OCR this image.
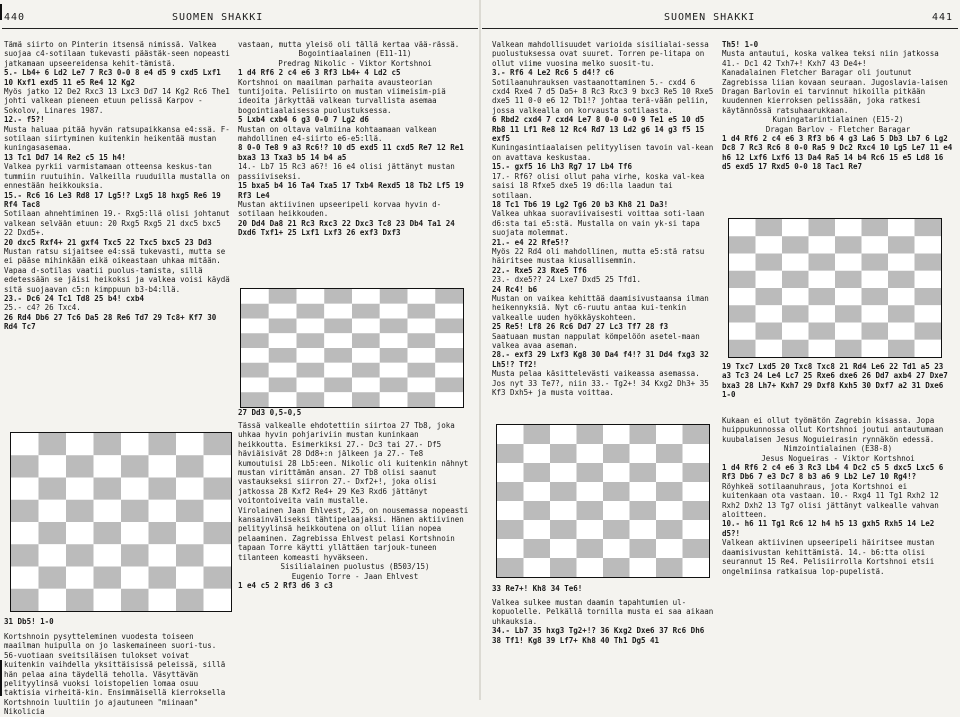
440	SUOMEN SHAKKI

Tämä siirto on Pinterin itsensä nimissä. Valkea suojaa c4-sotilaan tukevasti päästäk-seen nopeasti jatkamaan upseereidensa kehit-tämistä.

5.- Lb4+ 6 Ld2 Le7 7 Rc3 0-0 8 e4 d5 9 cxd5 Lxf1 10 Kxf1 exd5 11 e5 Re4 12 Kg2

Myös jatko 12 De2 Rxc3 13 Lxc3 Dd7 14 Kg2 Rc6 The1 johti valkean pieneen etuun pelissä Karpov - Sokolov, Linares 1987.

12.- f5?!

Musta haluaa pitää hyvän ratsupaikkansa e4:ssä. F-sotilaan siirtyminen kuitenkin heikentää mustan kuningasasemaa.

13 Tc1 Dd7 14 Re2 c5 15 h4!

Valkea pyrkii varmistamaan otteensa keskus-tan tummiin ruutuihin. Valkeilla ruuduilla mustalla on ennestään heikkouksia.

15.- Rc6 16 Le3 Rd8 17 Lg5!? Lxg5 18 hxg5 Re6 19 Rf4 Tac8

Sotilaan ahnehtiminen 19.- Rxg5:llä olisi johtanut valkean selvään etuun: 20 Rxg5 Rxg5 21 dxc5 bxc5 22 Dxd5+.

20 dxc5 Rxf4+ 21 gxf4 Txc5 22 Txc5 bxc5 23 Dd3

Mustan ratsu sijaitsee e4:ssä tukevasti, mutta se ei pääse mihinkään eikä oikeastaan uhkaa mitään. Vapaa d-sotilas vaatii puolus-tamista, sillä edetessään se jäisi heikoksi ja valkea voisi käydä sitä suojaavan c5:n kimppuun b3-b4:llä.

23.- Dc6 24 Tc1 Td8 25 b4! cxb4

25.- c4? 26 Txc4.

26 Rd4 Db6 27 Tc6 Da5 28 Re6 Td7 29 Tc8+ Kf7 30 Rd4 Tc7

31 Db5! 1-0

Kortshnoin pysytteleminen vuodesta toiseen maailman huipulla on jo laskemaineen suori-tus. 56-vuotiaan sveitsiläisen tulokset voivat kuitenkin vaihdella yksittäisissä peleissä, sillä hän pelaa aina täydellä teholla. Väsyttävän pelityylinsä vuoksi loistopelien lomaa osuu taktisia virheitä-kin. Ensimmäisellä kierroksella Kortshnoin luultiin jo ajautuneen "miinaan" Nikolicia

vastaan, mutta yleisö oli tällä kertaa vää-rässä.

Bogointiaalainen (E11-11)

Predrag Nikolic - Viktor Kortshnoi

1 d4 Rf6 2 c4 e6 3 Rf3 Lb4+ 4 Ld2 c5

Kortshnoi on maailman parhaita avausteorian tuntijoita. Pelisiirto on mustan viimeisim-piä ideoita järkyttää valkean turvallista asemaa bogointiaalaisessa puolustuksessa.

5 Lxb4 cxb4 6 g3 0-0 7 Lg2 d6

Mustan on oltava valmiina kohtaamaan valkean mahdollinen e4-siirto e6-e5:llä.

8 0-0 Te8 9 a3 Rc6!? 10 d5 exd5 11 cxd5 Re7 12 Re1 bxa3 13 Txa3 b5 14 b4 a5

14.- Lb7 15 Rc3 a6?! 16 e4 olisi jättänyt mustan passiiviseksi.

15 bxa5 b4 16 Ta4 Txa5 17 Txb4 Rexd5 18 Tb2 Lf5 19 Rf3 Le4

Mustan aktiivinen upseeripeli korvaa hyvin d-sotilaan heikkouden.

20 Dd4 Da8 21 Rc3 Rxc3 22 Dxc3 Tc8 23 Db4 Ta1 24 Dxd6 Txf1+ 25 Lxf1 Lxf3 26 exf3 Dxf3

27 Dd3 0,5-0,5

Tässä valkealle ehdotettiin siirtoa 27 Tb8, joka uhkaa hyvin pohjariviin mustan kuninkaan heikkoutta. Esimerkiksi 27.- Dc3 tai 27.- Df5 häviäisivät 28 Dd8+:n jälkeen ja 27.- Te8 kumoutuisi 28 Lb5:een. Nikolic oli kuitenkin nähnyt mustan virittämän ansan. 27 Tb8 olisi saanut vastaukseksi siirron 27.- Dxf2+!, joka olisi jatkossa 28 Kxf2 Re4+ 29 Ke3 Rxd6 jättänyt voitontoiveita vain mustalle.

Virolainen Jaan Ehlvest, 25, on nousemassa nopeasti kansainväliseksi tähtipelaajaksi. Hänen aktiivinen pelityylinsä heikkoutena on ollut liian nopea pelaaminen. Zagrebissa Ehlvest pelasi Kortshnoin tapaan Torre käytti yllättäen tarjouk-tuneen tilanteen komeasti hyväkseen.

Sisilialainen puolustus (B503/15)

Eugenio Torre - Jaan Ehlvest

1 e4 c5 2 Rf3 d6 3 c3

SUOMEN SHAKKI	441

Valkean mahdollisuudet varioida sisilialai-sessa puolustuksessa ovat suuret. Torren pe-litapa on ollut viime vuosina melko suosit-tu.

3.- Rf6 4 Le2 Rc6 5 d4!? c6

Sotilaanuhrauksen vastaanottaminen 5.- cxd4 6 cxd4 Rxe4 7 d5 Da5+ 8 Rc3 Rxc3 9 bxc3 Re5 10 Rxe5 dxe5 11 0-0 e6 12 Tb1!? johtaa terä-vään peliin, jossa valkealla on korvausta sotilaasta.

6 Rbd2 cxd4 7 cxd4 Le7 8 0-0 0-0 9 Te1 e5 10 d5 Rb8 11 Lf1 Re8 12 Rc4 Rd7 13 Ld2 g6 14 g3 f5 15 exf5

Kuningasintiaalaisen pelityylisen tavoin val-kean on avattava keskustaa.

15.- gxf5 16 Lh3 Rg7 17 Lb4 Tf6

17.- Rf6? olisi ollut paha virhe, koska val-kea saisi 18 Rfxe5 dxe5 19 d6:lla laadun tai sotilaan.

18 Tc1 Tb6 19 Lg2 Tg6 20 b3 Kh8 21 Da3!

Valkea uhkaa suoraviivaisesti voittaa soti-laan d6:sta tai e5:stä. Mustalla on vain yk-si tapa suojata molemmat.

21.- e4 22 Rfe5!?

Myös 22 Rd4 oli mahdollinen, mutta e5:stä ratsu häiritsee mustaa kiusallisemmin.

22.- Rxe5 23 Rxe5 Tf6

23.- dxe5?? 24 Lxe7 Dxd5 25 Tfd1.

24 Rc4! b6

Mustan on vaikea kehittää daamisivustaansa ilman heikennyksiä. Nyt c6-ruutu antaa kui-tenkin valkealle uuden hyökkäyskohteen.

25 Re5! Lf8 26 Rc6 Dd7 27 Lc3 Tf7 28 f3

Saatuaan mustan nappulat kömpelöön asetel-maan valkea avaa aseman.

28.- exf3 29 Lxf3 Kg8 30 Da4 f4!? 31 Dd4 fxg3 32 Lh5!? Tf2!

Musta pelaa käsittelevästi vaikeassa asemassa. Jos nyt 33 Te7?, niin 33.- Tg2+! 34 Kxg2 Dh3+ 35 Kf3 Dxh5+ ja musta voittaa.

33 Re7+! Kh8 34 Te6!

Valkea sulkee mustan daamin tapahtumien ul-kopuolelle. Pelkällä tornilla musta ei saa aikaan uhkauksia.

34.- Lb7 35 hxg3 Tg2+!? 36 Kxg2 Dxe6 37 Rc6 Dh6 38 Tf1! Kg8 39 Lf7+ Kh8 40 Th1 Dg5 41

Th5! 1-0

Musta antautui, koska valkea teksi niin jatkossa 41.- Dc1 42 Txh7+! Kxh7 43 De4+!

Kanadalainen Fletcher Baragar oli joutunut Zagrebissa liian kovaan seuraan. Jugoslavia-laisen Dragan Barlovin ei tarvinnut hikoilla pitkään kuudennen kierroksen pelissään, joka ratkesi käytännössä ratsuhaarukkaan.

Kuningatarintialainen (E15-2)

Dragan Barlov - Fletcher Baragar

1 d4 Rf6 2 c4 e6 3 Rf3 b6 4 g3 La6 5 Db3 Lb7 6 Lg2 Dc8 7 Rc3 Rc6 8 0-0 Ra5 9 Dc2 Rxc4 10 Lg5 Le7 11 e4 h6 12 Lxf6 Lxf6 13 Da4 Ra5 14 b4 Rc6 15 e5 Ld8 16 d5 exd5 17 Rxd5 0-0 18 Tac1 Re7

19 Txc7 Lxd5 20 Txc8 Txc8 21 Rd4 Le6 22 Td1 a5 23 a3 Tc3 24 Le4 Lc7 25 Rxe6 dxe6 26 Dd7 axb4 27 Dxe7 bxa3 28 Lh7+ Kxh7 29 Dxf8 Kxh5 30 Dxf7 a2 31 Dxe6 1-0

Kukaan ei ollut työmätön Zagrebin kisassa. Jopa huippukunnossa ollut Kortshnoi joutui antautumaan kuubalaisen Jesus Noguieirasin rynnäkön edessä.

Nimzointialainen (E38-8)

Jesus Nogueiras - Viktor Kortshnoi

1 d4 Rf6 2 c4 e6 3 Rc3 Lb4 4 Dc2 c5 5 dxc5 Lxc5 6 Rf3 Db6 7 e3 Dc7 8 b3 a6 9 Lb2 Le7 10 Rg4!?

Röyhkeä sotilaanuhraus, jota Kortshnoi ei kuitenkaan ota vastaan. 10.- Rxg4 11 Tg1 Rxh2 12 Rxh2 Dxh2 13 Tg7 olisi jättänyt valkealle vahvan aloitteen.

10.- h6 11 Tg1 Rc6 12 h4 h5 13 gxh5 Rxh5 14 Le2 d5?!

Valkean aktiivinen upseeripeli häiritsee mustan daamisivustan kehittämistä. 14.- b6:tta olisi seurannut 15 Re4. Pelisiirrolla Kortshnoi etsii ongelmiinsa ratkaisua lop-pupelistä.
